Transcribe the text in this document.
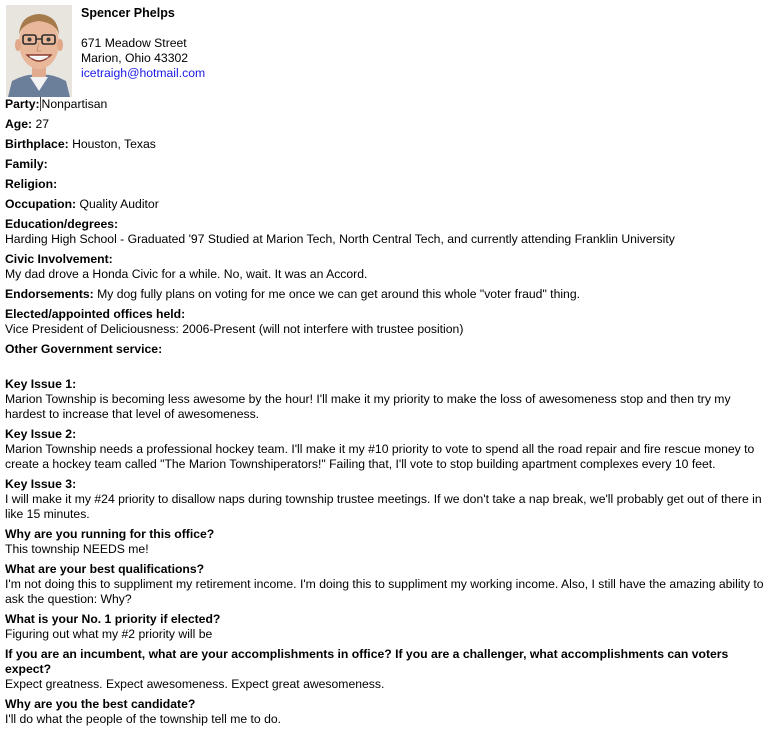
Spencer Phelps
671 Meadow Street
Marion, Ohio 43302
icetraigh@hotmail.com
Party: Nonpartisan
Age: 27
Birthplace: Houston, Texas
Family:
Religion:
Occupation: Quality Auditor
Education/degrees:
Harding High School - Graduated '97 Studied at Marion Tech, North Central Tech, and currently attending Franklin University
Civic Involvement:
My dad drove a Honda Civic for a while. No, wait. It was an Accord.
Endorsements: My dog fully plans on voting for me once we can get around this whole "voter fraud" thing.
Elected/appointed offices held:
Vice President of Deliciousness: 2006-Present (will not interfere with trustee position)
Other Government service:
Key Issue 1:
Marion Township is becoming less awesome by the hour! I'll make it my priority to make the loss of awesomeness stop and then try my hardest to increase that level of awesomeness.
Key Issue 2:
Marion Township needs a professional hockey team. I'll make it my #10 priority to vote to spend all the road repair and fire rescue money to create a hockey team called "The Marion Townshiperators!" Failing that, I'll vote to stop building apartment complexes every 10 feet.
Key Issue 3:
I will make it my #24 priority to disallow naps during township trustee meetings. If we don't take a nap break, we'll probably get out of there in like 15 minutes.
Why are you running for this office?
This township NEEDS me!
What are your best qualifications?
I'm not doing this to suppliment my retirement income. I'm doing this to suppliment my working income. Also, I still have the amazing ability to ask the question: Why?
What is your No. 1 priority if elected?
Figuring out what my #2 priority will be
If you are an incumbent, what are your accomplishments in office? If you are a challenger, what accomplishments can voters expect?
Expect greatness. Expect awesomeness. Expect great awesomeness.
Why are you the best candidate?
I'll do what the people of the township tell me to do.
